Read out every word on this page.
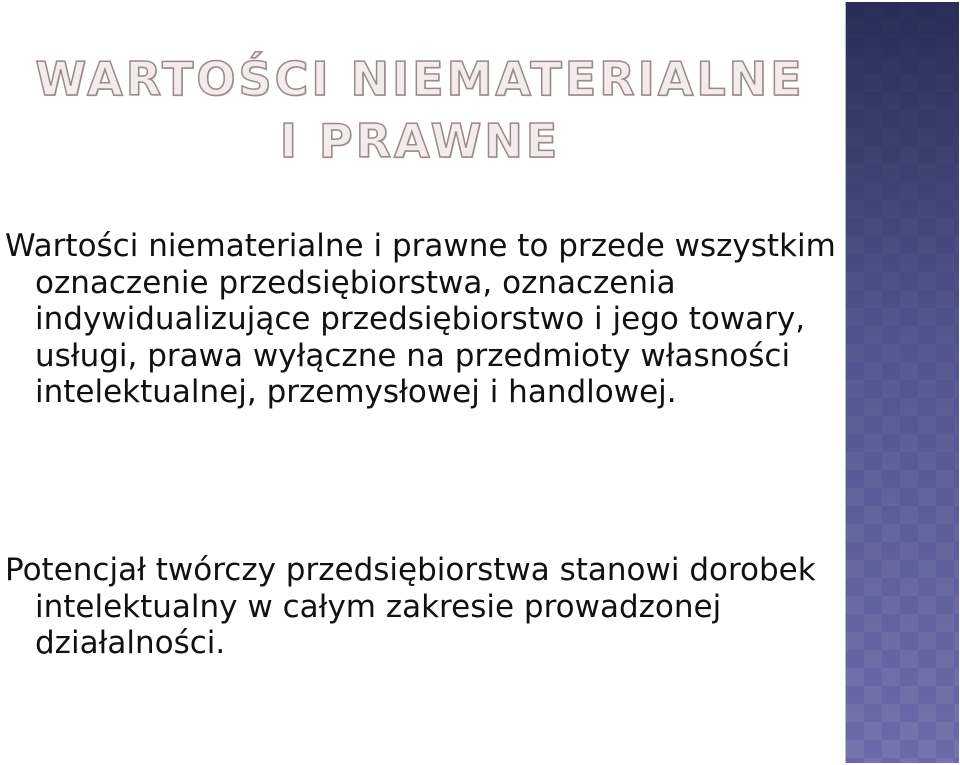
WARTOŚCI NIEMATERIALNE I PRAWNE

Wartości niematerialne i prawne to przede wszystkim oznaczenie przedsiębiorstwa, oznaczenia indywidualizujące przedsiębiorstwo i jego towary, usługi, prawa wyłączne na przedmioty własności intelektualnej, przemysłowej i handlowej.

Potencjał twórczy przedsiębiorstwa stanowi dorobek intelektualny w całym zakresie prowadzonej działalności.
